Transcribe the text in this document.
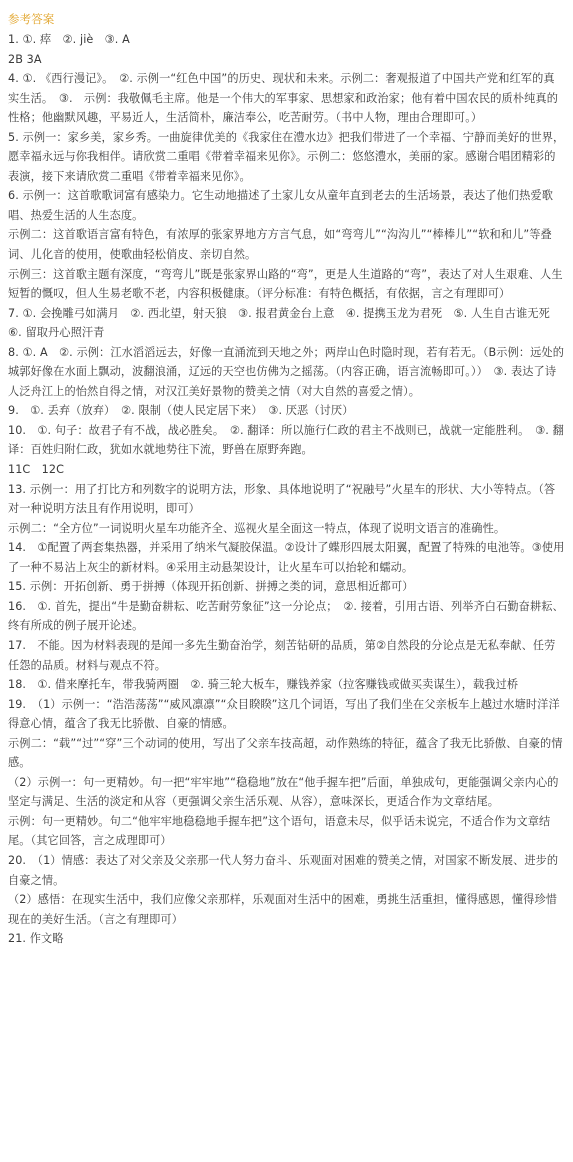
参考答案
1. ①. 瘁　②. jiè　③. A
2B 3A
4. ①. 《西行漫记》。　②. 示例一“红色中国”的历史、现状和未来。示例二：奢观报道了中国共产党和红军的真实生活。　③.　示例：我敬佩毛主席。他是一个伟大的军事家、思想家和政治家；他有着中国农民的质朴纯真的性格；他幽默风趣，平易近人，生活简朴，廉洁奉公，吃苦耐劳。（书中人物，理由合理即可。）
5. 示例一：家乡美，家乡秀。一曲旋律优美的《我家住在澧水边》把我们带进了一个幸福、宁静而美好的世界，愿幸福永远与你我相伴。请欣赏二重唱《带着幸福来见你》。示例二：悠悠澧水，美丽的家。感谢合唱团精彩的表演，接下来请欣赏二重唱《带着幸福来见你》。
6. 示例一：这首歌歌词富有感染力。它生动地描述了土家儿女从童年直到老去的生活场景，表达了他们热爱歌唱、热爱生活的人生态度。
示例二：这首歌语言富有特色，有浓厚的张家界地方方言气息，如“弯弯儿”“沟沟儿”“棒棒儿”“软和和儿”等叠词、儿化音的使用，使歌曲轻松俏皮、亲切自然。
示例三：这首歌主题有深度，“弯弯儿”既是张家界山路的“弯”，更是人生道路的“弯”，表达了对人生艰难、人生短暂的慨叹，但人生易老歌不老，内容积极健康。（评分标准：有特色概括，有依据，言之有理即可）
7. ①. 会挽雕弓如满月　②. 西北望，射天狼　③. 报君黄金台上意　④. 提携玉龙为君死　⑤. 人生自古谁无死　⑥. 留取丹心照汗青
8. ①. A　②. 示例：江水滔滔远去，好像一直涌流到天地之外；两岸山色时隐时现，若有若无。（B示例：远处的城郭好像在水面上飘动，波翻浪涌，辽远的天空也仿佛为之摇荡。（内容正确，语言流畅即可。））　③. 表达了诗人泛舟江上的怡然自得之情，对汉江美好景物的赞美之情（对大自然的喜爱之情）。
9.　①. 丢弃（放弃）　②. 限制（使人民定居下来）　③. 厌恶（讨厌）
10.　①. 句子：故君子有不战，战必胜矣。　②. 翻译：所以施行仁政的君主不战则已，战就一定能胜利。　③. 翻译：百姓归附仁政，犹如水就地势往下流，野兽在原野奔跑。
11C　12C
13. 示例一：用了打比方和列数字的说明方法，形象、具体地说明了“祝融号”火星车的形状、大小等特点。（答对一种说明方法且有作用说明，即可）
示例二：“全方位”一词说明火星车功能齐全、巡视火星全面这一特点，体现了说明文语言的准确性。
14.　①配置了两套集热器，并采用了纳米气凝胶保温。②设计了蝶形四展太阳翼，配置了特殊的电池等。③使用了一种不易沾上灰尘的新材料。④采用主动悬架设计，让火星车可以抬轮和蠕动。
15. 示例：开拓创新、勇于拼搏（体现开拓创新、拼搏之类的词，意思相近都可）
16.　①. 首先，提出“牛是勤奋耕耘、吃苦耐劳象征”这一分论点；　②. 接着，引用古语、列举齐白石勤奋耕耘、终有所成的例子展开论述。
17.　不能。因为材料表现的是闻一多先生勤奋治学，刻苦钻研的品质，第②自然段的分论点是无私奉献、任劳任怨的品质。材料与观点不符。
18.　①. 借来摩托车，带我骑两圈　②. 骑三轮大板车，赚钱养家（拉客赚钱或做买卖谋生），载我过桥
19.　（1）示例一：“浩浩荡荡”“威风凛凛”“众目睽睽”这几个词语，写出了我们坐在父亲板车上越过水塘时洋洋得意心情，蕴含了我无比骄傲、自豪的情感。
示例二：“载”“过”“穿”三个动词的使用，写出了父亲车技高超，动作熟练的特征，蕴含了我无比骄傲、自豪的情感。
（2）示例一：句一更精妙。句一把“牢牢地”“稳稳地”放在“他手握车把”后面，单独成句，更能强调父亲内心的坚定与满足、生活的淡定和从容（更强调父亲生活乐观、从容），意味深长，更适合作为文章结尾。
示例：句一更精妙。句二“他牢牢地稳稳地手握车把”这个语句，语意未尽，似乎话未说完，不适合作为文章结尾。（其它回答，言之成理即可）
20.　（1）情感：表达了对父亲及父亲那一代人努力奋斗、乐观面对困难的赞美之情，对国家不断发展、进步的自豪之情。
（2）感悟：在现实生活中，我们应像父亲那样，乐观面对生活中的困难，勇挑生活重担，懂得感恩，懂得珍惜现在的美好生活。（言之有理即可）
21. 作文略
